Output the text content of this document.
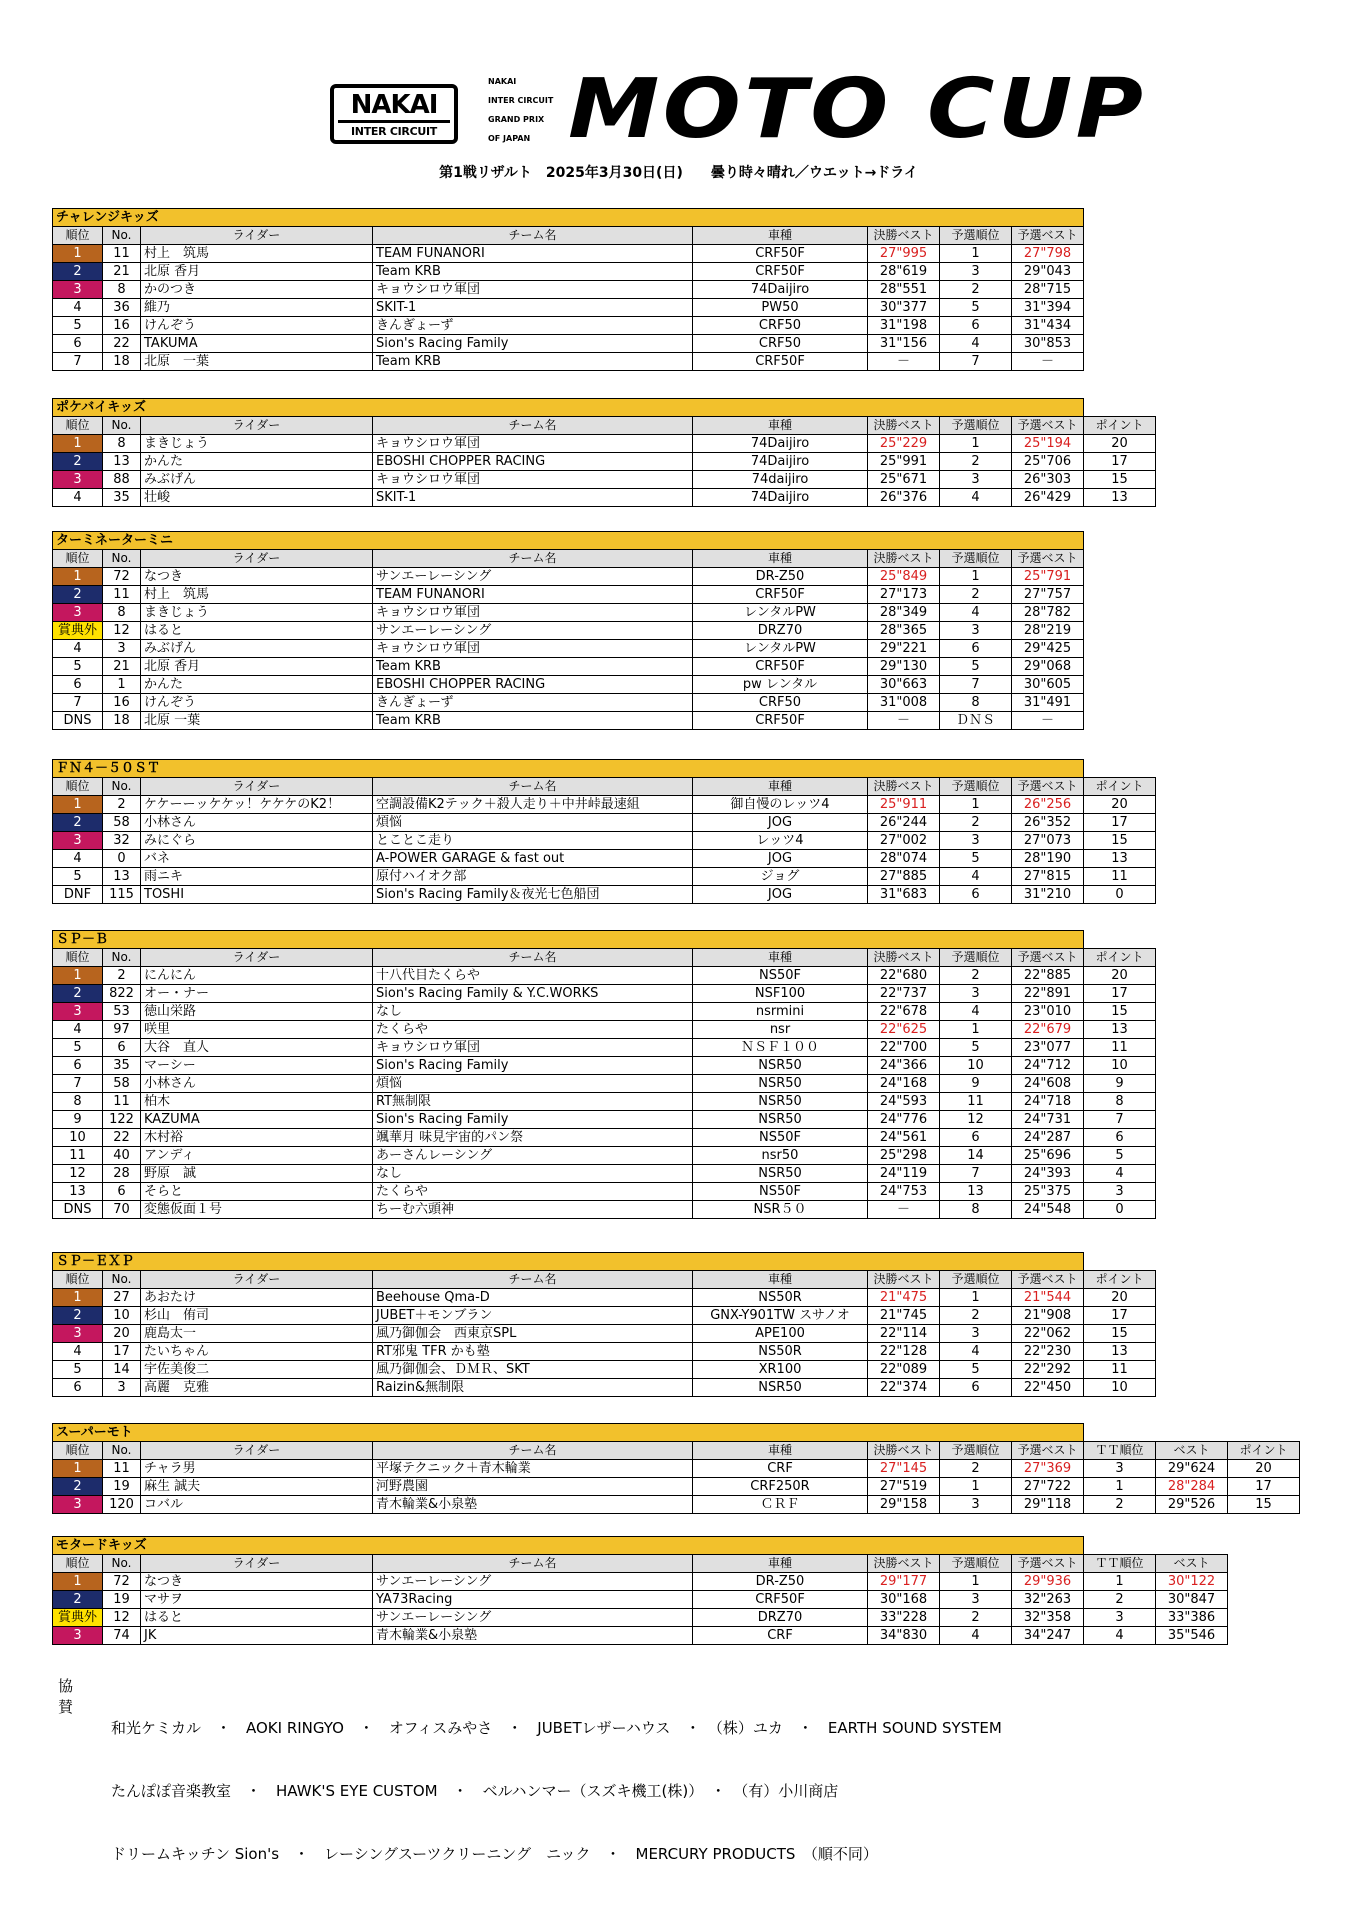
NAKAI
INTER CIRCUIT
NAKAI
INTER CIRCUIT
GRAND PRIX
OF JAPAN MOTO CUP
第1戦リザルト　2025年3月30日(日)　　曇り時々晴れ／ウエット→ドライ
チャレンジキッズ							
順位	No.	ライダー	チーム名	車種	決勝ベスト	予選順位	予選ベスト
1	11	村上　筑馬	TEAM FUNANORI	CRF50F	27"995	1	27"798
2	21	北原 香月	Team KRB	CRF50F	28"619	3	29"043
3	8	かのつき	キョウシロウ軍団	74Daijiro	28"551	2	28"715
4	36	維乃	SKIT-1	PW50	30"377	5	31"394
5	16	けんぞう	きんぎょーず	CRF50	31"198	6	31"434
6	22	TAKUMA	Sion's Racing Family	CRF50	31"156	4	30"853
7	18	北原　一葉	Team KRB	CRF50F	－	7	－
ポケバイキッズ								
順位	No.	ライダー	チーム名	車種	決勝ベスト	予選順位	予選ベスト	ポイント
1	8	まきじょう	キョウシロウ軍団	74Daijiro	25"229	1	25"194	20
2	13	かんた	EBOSHI CHOPPER RACING	74Daijiro	25"991	2	25"706	17
3	88	みぶげん	キョウシロウ軍団	74daijiro	25"671	3	26"303	15
4	35	壮峻	SKIT-1	74Daijiro	26"376	4	26"429	13
ターミネーターミニ							
順位	No.	ライダー	チーム名	車種	決勝ベスト	予選順位	予選ベスト
1	72	なつき	サンエーレーシング	DR-Z50	25"849	1	25"791
2	11	村上　筑馬	TEAM FUNANORI	CRF50F	27"173	2	27"757
3	8	まきじょう	キョウシロウ軍団	レンタルPW	28"349	4	28"782
賞典外	12	はると	サンエーレーシング	DRZ70	28"365	3	28"219
4	3	みぶげん	キョウシロウ軍団	レンタルPW	29"221	6	29"425
5	21	北原 香月	Team KRB	CRF50F	29"130	5	29"068
6	1	かんた	EBOSHI CHOPPER RACING	pw レンタル	30"663	7	30"605
7	16	けんぞう	きんぎょーず	CRF50	31"008	8	31"491
DNS	18	北原 一葉	Team KRB	CRF50F	－	ＤＮＳ	－
ＦＮ４－５０ＳＴ								
順位	No.	ライダー	チーム名	車種	決勝ベスト	予選順位	予選ベスト	ポイント
1	2	ケケーーッケケッ！ケケケのK2！	空調設備K2テック＋殺人走り＋中井峠最速組	御自慢のレッツ4	25"911	1	26"256	20
2	58	小林さん	煩悩	JOG	26"244	2	26"352	17
3	32	みにぐら	とことこ走り	レッツ4	27"002	3	27"073	15
4	0	バネ	A-POWER GARAGE & fast out	JOG	28"074	5	28"190	13
5	13	雨ニキ	原付ハイオク部	ジョグ	27"885	4	27"815	11
DNF	115	TOSHI	Sion's Racing Family＆夜光七色船団	JOG	31"683	6	31"210	0
ＳＰ－Ｂ								
順位	No.	ライダー	チーム名	車種	決勝ベスト	予選順位	予選ベスト	ポイント
1	2	にんにん	十八代目たくらや	NS50F	22"680	2	22"885	20
2	822	オー・ナー	Sion's Racing Family & Y.C.WORKS	NSF100	22"737	3	22"891	17
3	53	徳山栄路	なし	nsrmini	22"678	4	23"010	15
4	97	咲里	たくらや	nsr	22"625	1	22"679	13
5	6	大谷　直人	キョウシロウ軍団	ＮＳＦ１００	22"700	5	23"077	11
6	35	マーシー	Sion's Racing Family	NSR50	24"366	10	24"712	10
7	58	小林さん	煩悩	NSR50	24"168	9	24"608	9
8	11	柏木	RT無制限	NSR50	24"593	11	24"718	8
9	122	KAZUMA	Sion's Racing Family	NSR50	24"776	12	24"731	7
10	22	木村裕	颯華月 味見宇宙的パン祭	NS50F	24"561	6	24"287	6
11	40	アンディ	あーさんレーシング	nsr50	25"298	14	25"696	5
12	28	野原　誠	なし	NSR50	24"119	7	24"393	4
13	6	そらと	たくらや	NS50F	24"753	13	25"375	3
DNS	70	変態仮面１号	ちーむ六頭神	NSR５０	－	8	24"548	0
ＳＰ－ＥＸＰ								
順位	No.	ライダー	チーム名	車種	決勝ベスト	予選順位	予選ベスト	ポイント
1	27	あおたけ	Beehouse Qma-D	NS50R	21"475	1	21"544	20
2	10	杉山　侑司	JUBET＋モンブラン	GNX-Y901TW スサノオ	21"745	2	21"908	17
3	20	鹿島太一	風乃御伽会　西東京SPL	APE100	22"114	3	22"062	15
4	17	たいちゃん	RT邪鬼 TFR かも塾	NS50R	22"128	4	22"230	13
5	14	宇佐美俊二	風乃御伽会、ＤＭＲ、SKT	XR100	22"089	5	22"292	11
6	3	高麗　克雅	Raizin&無制限	NSR50	22"374	6	22"450	10
スーパーモト										
順位	No.	ライダー	チーム名	車種	決勝ベスト	予選順位	予選ベスト	ＴＴ順位	ベスト	ポイント
1	11	チャラ男	平塚テクニック＋青木輪業	CRF	27"145	2	27"369	3	29"624	20
2	19	麻生 誠夫	河野農園	CRF250R	27"519	1	27"722	1	28"284	17
3	120	コバル	青木輪業&小泉塾	ＣＲＦ	29"158	3	29"118	2	29"526	15
モタードキッズ									
順位	No.	ライダー	チーム名	車種	決勝ベスト	予選順位	予選ベスト	ＴＴ順位	ベスト
1	72	なつき	サンエーレーシング	DR-Z50	29"177	1	29"936	1	30"122
2	19	マサヲ	YA73Racing	CRF50F	30"168	3	32"263	2	30"847
賞典外	12	はると	サンエーレーシング	DRZ70	33"228	2	32"358	3	33"386
3	74	JK	青木輪業&小泉塾	CRF	34"830	4	34"247	4	35"546
協賛

和光ケミカル　・　AOKI RINGYO　・　オフィスみやさ　・　JUBETレザーハウス　・　（株）ユカ　・　EARTH SOUND SYSTEM

たんぽぽ音楽教室　・　HAWK'S EYE CUSTOM　・　ベルハンマー（スズキ機工(株)）　・　（有）小川商店

ドリームキッチン Sion's　・　レーシングスーツクリーニング　ニック　・　MERCURY PRODUCTS　（順不同）
